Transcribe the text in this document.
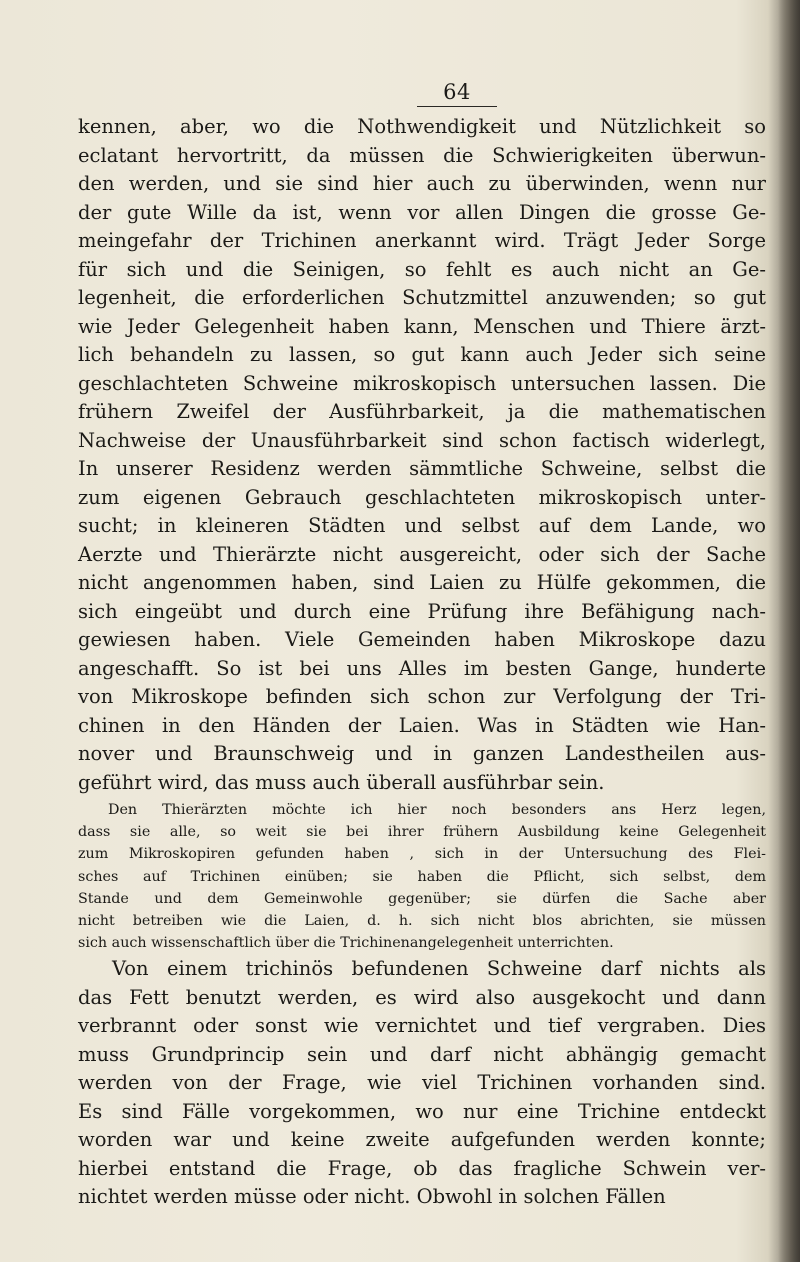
64
kennen, aber, wo die Nothwendigkeit und Nützlichkeit so
eclatant hervortritt, da müssen die Schwierigkeiten überwun-
den werden, und sie sind hier auch zu überwinden, wenn nur
der gute Wille da ist, wenn vor allen Dingen die grosse Ge-
meingefahr der Trichinen anerkannt wird. Trägt Jeder Sorge
für sich und die Seinigen, so fehlt es auch nicht an Ge-
legenheit, die erforderlichen Schutzmittel anzuwenden; so gut
wie Jeder Gelegenheit haben kann, Menschen und Thiere ärzt-
lich behandeln zu lassen, so gut kann auch Jeder sich seine
geschlachteten Schweine mikroskopisch untersuchen lassen. Die
frühern Zweifel der Ausführbarkeit, ja die mathematischen
Nachweise der Unausführbarkeit sind schon factisch widerlegt,
In unserer Residenz werden sämmtliche Schweine, selbst die
zum eigenen Gebrauch geschlachteten mikroskopisch unter-
sucht; in kleineren Städten und selbst auf dem Lande, wo
Aerzte und Thierärzte nicht ausgereicht, oder sich der Sache
nicht angenommen haben, sind Laien zu Hülfe gekommen, die
sich eingeübt und durch eine Prüfung ihre Befähigung nach-
gewiesen haben. Viele Gemeinden haben Mikroskope dazu
angeschafft. So ist bei uns Alles im besten Gange, hunderte
von Mikroskope befinden sich schon zur Verfolgung der Tri-
chinen in den Händen der Laien. Was in Städten wie Han-
nover und Braunschweig und in ganzen Landestheilen aus-
geführt wird, das muss auch überall ausführbar sein.
Den Thierärzten möchte ich hier noch besonders ans Herz legen,
dass sie alle, so weit sie bei ihrer frühern Ausbildung keine Gelegenheit
zum Mikroskopiren gefunden haben , sich in der Untersuchung des Flei-
sches auf Trichinen einüben; sie haben die Pflicht, sich selbst, dem
Stande und dem Gemeinwohle gegenüber; sie dürfen die Sache aber
nicht betreiben wie die Laien, d. h. sich nicht blos abrichten, sie müssen
sich auch wissenschaftlich über die Trichinenangelegenheit unterrichten.
Von einem trichinös befundenen Schweine darf nichts als
das Fett benutzt werden, es wird also ausgekocht und dann
verbrannt oder sonst wie vernichtet und tief vergraben. Dies
muss Grundprincip sein und darf nicht abhängig gemacht
werden von der Frage, wie viel Trichinen vorhanden sind.
Es sind Fälle vorgekommen, wo nur eine Trichine entdeckt
worden war und keine zweite aufgefunden werden konnte;
hierbei entstand die Frage, ob das fragliche Schwein ver-
nichtet werden müsse oder nicht. Obwohl in solchen Fällen
